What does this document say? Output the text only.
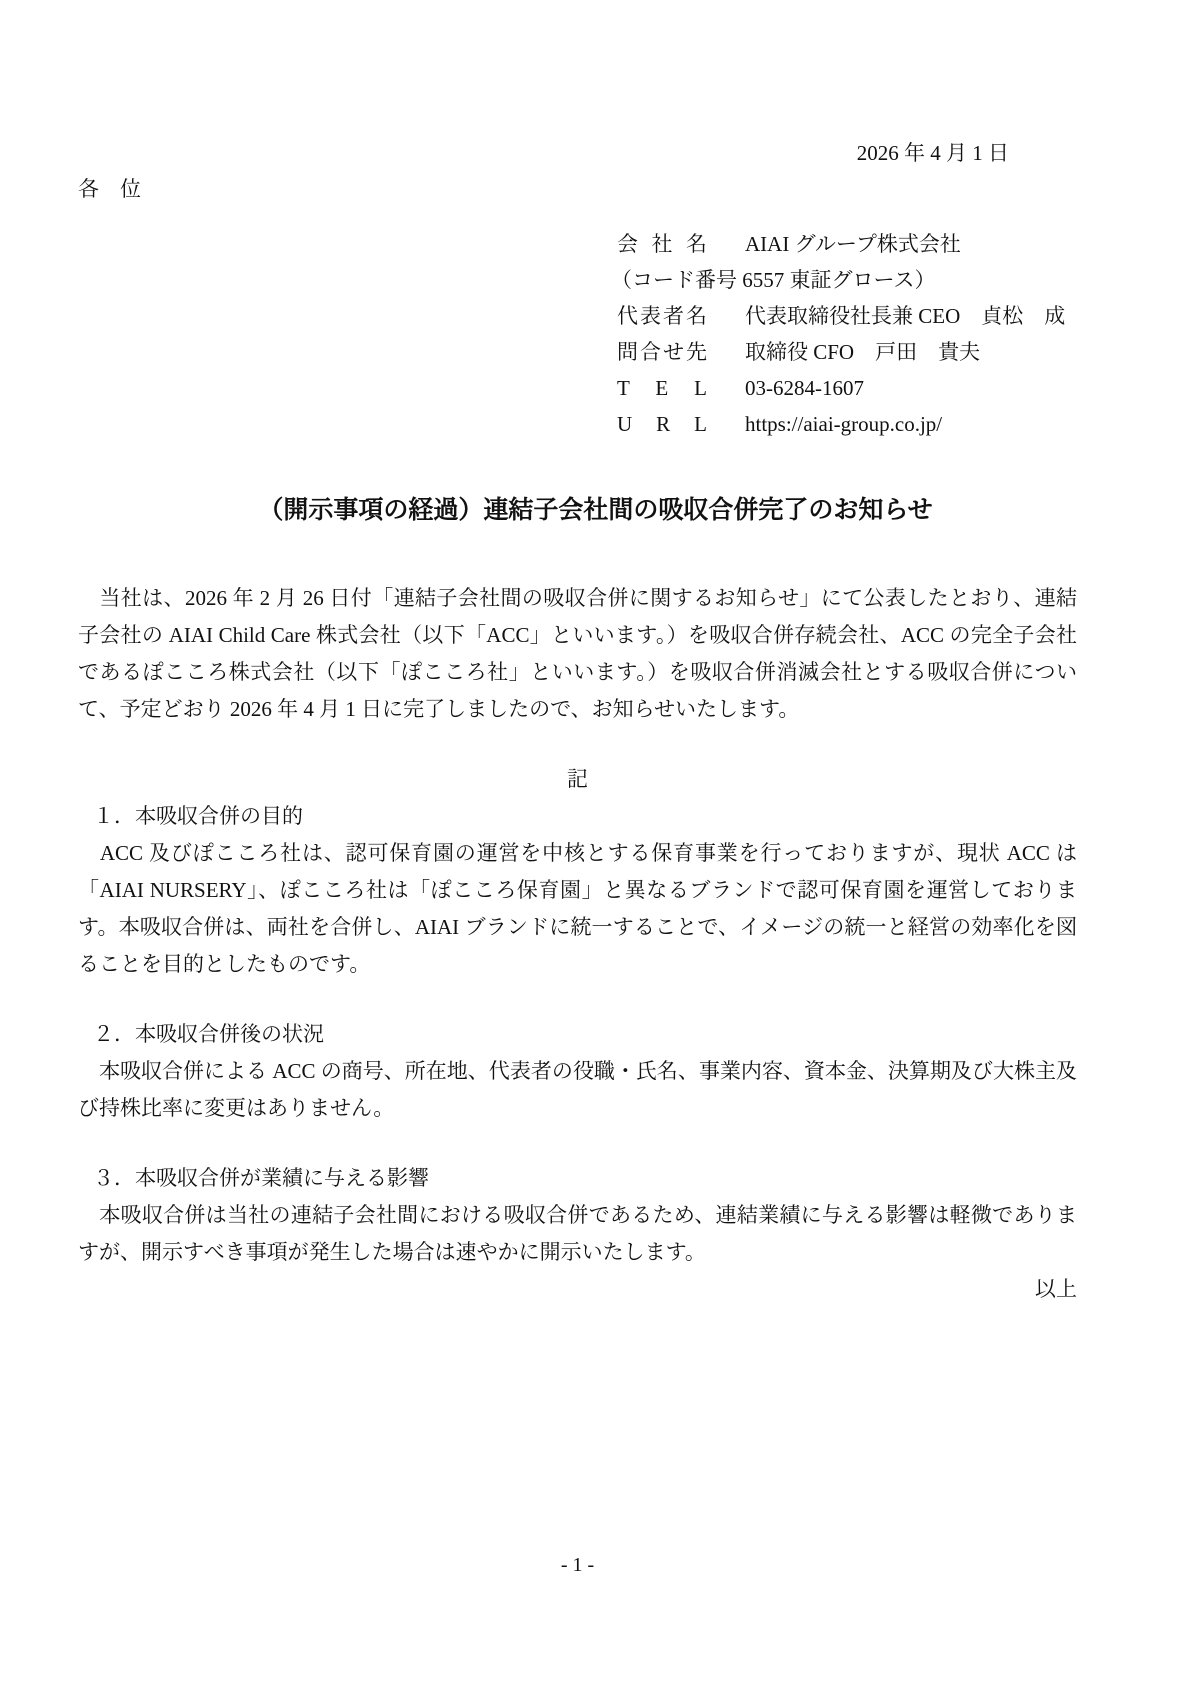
2026 年 4 月 1 日
各　位
会 社 名 AIAI グループ株式会社
（コード番号 6557 東証グロース）
代表者名 代表取締役社長兼 CEO　貞松　成
問合せ先 取締役 CFO　戸田　貴夫
T E L 03-6284-1607
U R L https://aiai-group.co.jp/
（開示事項の経過）連結子会社間の吸収合併完了のお知らせ

　当社は、2026 年 2 月 26 日付「連結子会社間の吸収合併に関するお知らせ」にて公表したとおり、連結子会社の AIAI Child Care 株式会社（以下「ACC」といいます。）を吸収合併存続会社、ACC の完全子会社であるぽこころ株式会社（以下「ぽこころ社」といいます。）を吸収合併消滅会社とする吸収合併について、予定どおり 2026 年 4 月 1 日に完了しましたので、お知らせいたします。

記
１．本吸収合併の目的

　ACC 及びぽこころ社は、認可保育園の運営を中核とする保育事業を行っておりますが、現状 ACC は「AIAI NURSERY」、ぽこころ社は「ぽこころ保育園」と異なるブランドで認可保育園を運営しております。本吸収合併は、両社を合併し、AIAI ブランドに統一することで、イメージの統一と経営の効率化を図ることを目的としたものです。

２．本吸収合併後の状況

　本吸収合併による ACC の商号、所在地、代表者の役職・氏名、事業内容、資本金、決算期及び大株主及び持株比率に変更はありません。

３．本吸収合併が業績に与える影響

　本吸収合併は当社の連結子会社間における吸収合併であるため、連結業績に与える影響は軽微でありますが、開示すべき事項が発生した場合は速やかに開示いたします。

以上
- 1 -
